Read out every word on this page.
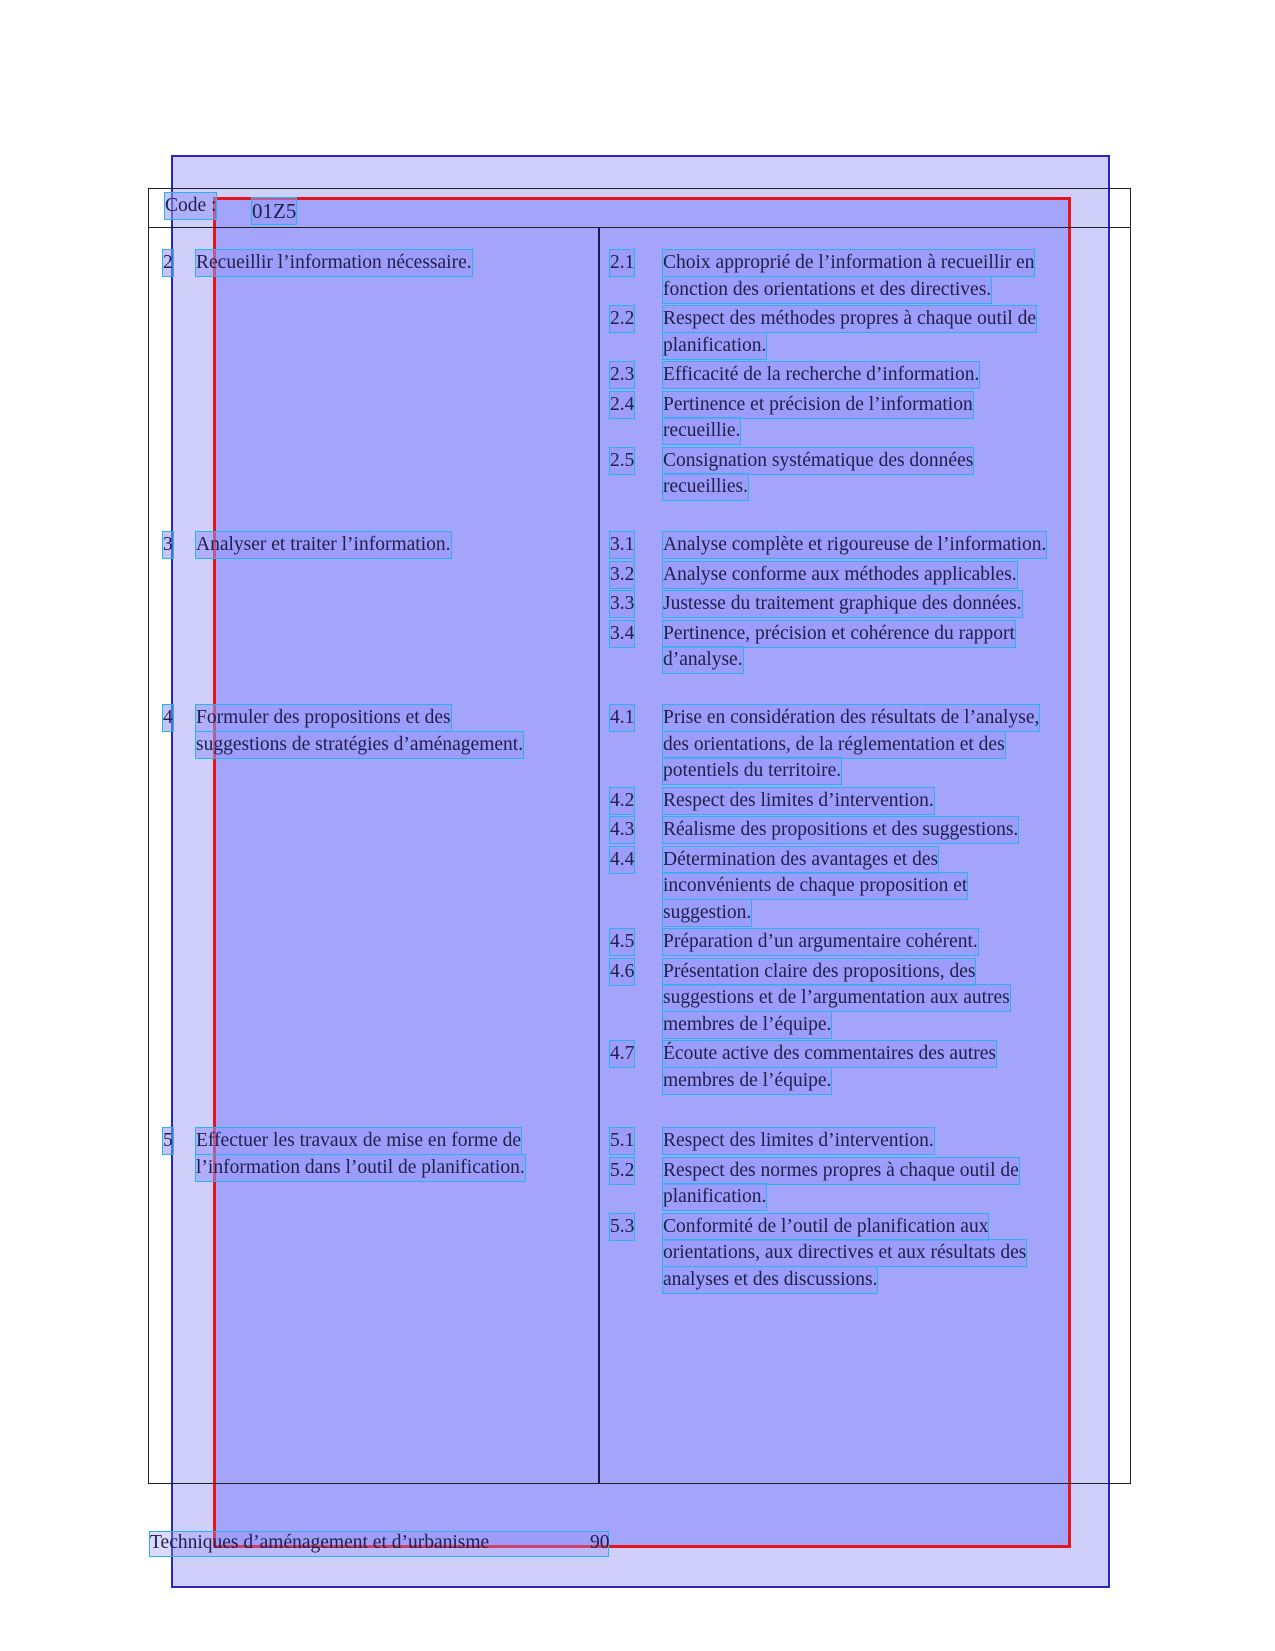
Code : 01Z5
2 Recueillir l’information nécessaire.	2.1 Choix approprié de l’information à recueillir en
fonction des orientations et des directives.
2.2 Respect des méthodes propres à chaque outil de
planification.
2.3 Efficacité de la recherche d’information.
2.4 Pertinence et précision de l’information
recueillie.
2.5 Consignation systématique des données
recueillies.
3 Analyser et traiter l’information.	3.1 Analyse complète et rigoureuse de l’information.
3.2 Analyse conforme aux méthodes applicables.
3.3 Justesse du traitement graphique des données.
3.4 Pertinence, précision et cohérence du rapport
d’analyse.
4 Formuler des propositions et des
suggestions de stratégies d’aménagement.
4.1 Prise en considération des résultats de l’analyse,
des orientations, de la réglementation et des
potentiels du territoire.
4.2 Respect des limites d’intervention.
4.3 Réalisme des propositions et des suggestions.
4.4 Détermination des avantages et des
inconvénients de chaque proposition et
suggestion.
4.5 Préparation d’un argumentaire cohérent.
4.6 Présentation claire des propositions, des
suggestions et de l’argumentation aux autres
membres de l’équipe.
4.7 Écoute active des commentaires des autres
membres de l’équipe.
5 Effectuer les travaux de mise en forme de
l’information dans l’outil de planification.
5.1 Respect des limites d’intervention.
5.2 Respect des normes propres à chaque outil de
planification.
5.3 Conformité de l’outil de planification aux
orientations, aux directives et aux résultats des
analyses et des discussions.
Techniques d’aménagement et d’urbanisme	90
